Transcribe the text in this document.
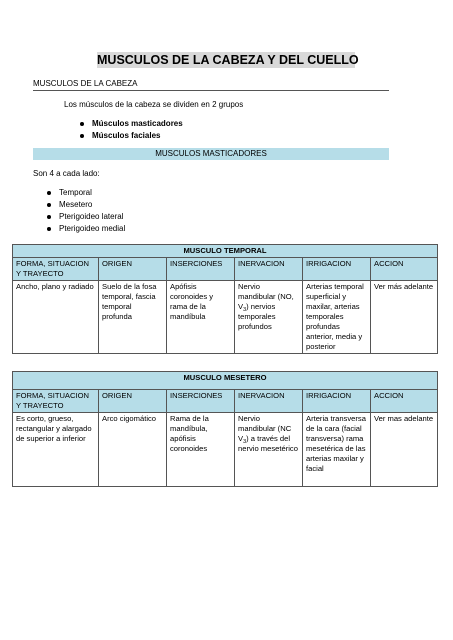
MUSCULOS DE LA CABEZA Y DEL CUELLO
MUSCULOS DE LA CABEZA
Los músculos de la cabeza se dividen en 2 grupos
Músculos masticadores
Músculos faciales
MUSCULOS MASTICADORES
Son 4 a cada lado:
Temporal
Mesetero
Pterigoideo lateral
Pterigoideo medial
MUSCULO TEMPORAL					
FORMA, SITUACION Y TRAYECTO	ORIGEN	INSERCIONES	INERVACION	IRRIGACION	ACCION
Ancho, plano y radiado	Suelo de la fosa temporal, fascia temporal profunda	Apófisis coronoides y rama de la mandíbula	Nervio mandibular (NO, $V_3$) nervios temporales profundos	Arterias temporal superficial y maxilar, arterias temporales profundas anterior, media y posterior	Ver más adelante
MUSCULO MESETERO					
FORMA, SITUACION Y TRAYECTO	ORIGEN	INSERCIONES	INERVACION	IRRIGACION	ACCION
Es corto, grueso, rectangular y alargado de superior a inferior	Arco cigomático	Rama de la mandíbula, apófisis coronoides	Nervio mandibular (NC $V_3$) a través del nervio mesetérico	Arteria transversa de la cara (facial transversa) rama mesetérica de las arterias maxilar y facial	Ver mas adelante
